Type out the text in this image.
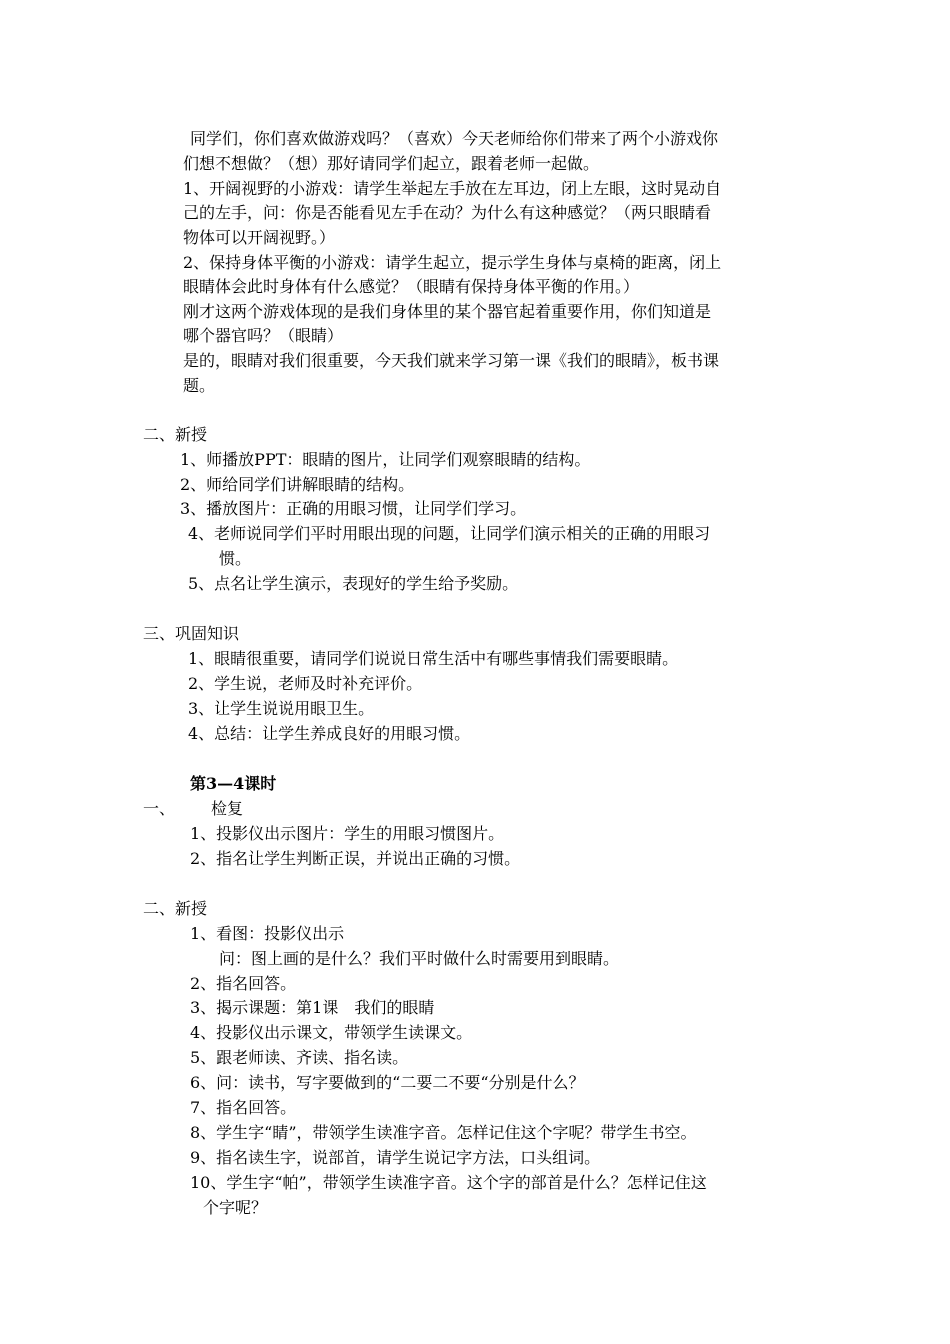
同学们，你们喜欢做游戏吗？（喜欢）今天老师给你们带来了两个小游戏你
们想不想做？（想）那好请同学们起立，跟着老师一起做。
1、开阔视野的小游戏：请学生举起左手放在左耳边，闭上左眼，这时晃动自
己的左手，问：你是否能看见左手在动？为什么有这种感觉？（两只眼睛看
物体可以开阔视野。）
2、保持身体平衡的小游戏：请学生起立，提示学生身体与桌椅的距离，闭上
眼睛体会此时身体有什么感觉？（眼睛有保持身体平衡的作用。）
刚才这两个游戏体现的是我们身体里的某个器官起着重要作用，你们知道是
哪个器官吗？（眼睛）
是的，眼睛对我们很重要，今天我们就来学习第一课《我们的眼睛》，板书课
题。
二、新授
1、师播放PPT：眼睛的图片，让同学们观察眼睛的结构。
2、师给同学们讲解眼睛的结构。
3、播放图片：正确的用眼习惯，让同学们学习。
4、老师说同学们平时用眼出现的问题，让同学们演示相关的正确的用眼习
惯。
5、点名让学生演示，表现好的学生给予奖励。
三、巩固知识
1、眼睛很重要，请同学们说说日常生活中有哪些事情我们需要眼睛。
2、学生说，老师及时补充评价。
3、让学生说说用眼卫生。
4、总结：让学生养成良好的用眼习惯。
第3—4课时
一、 检复
1、投影仪出示图片：学生的用眼习惯图片。
2、指名让学生判断正误，并说出正确的习惯。
二、新授
1、看图：投影仪出示
问：图上画的是什么？我们平时做什么时需要用到眼睛。
2、指名回答。
3、揭示课题：第1课　我们的眼睛
4、投影仪出示课文，带领学生读课文。
5、跟老师读、齐读、指名读。
6、问：读书，写字要做到的“二要二不要“分别是什么？
7、指名回答。
8、学生字“睛”，带领学生读准字音。怎样记住这个字呢？带学生书空。
9、指名读生字，说部首，请学生说记字方法，口头组词。
10、学生字“帕”，带领学生读准字音。这个字的部首是什么？怎样记住这
个字呢？
